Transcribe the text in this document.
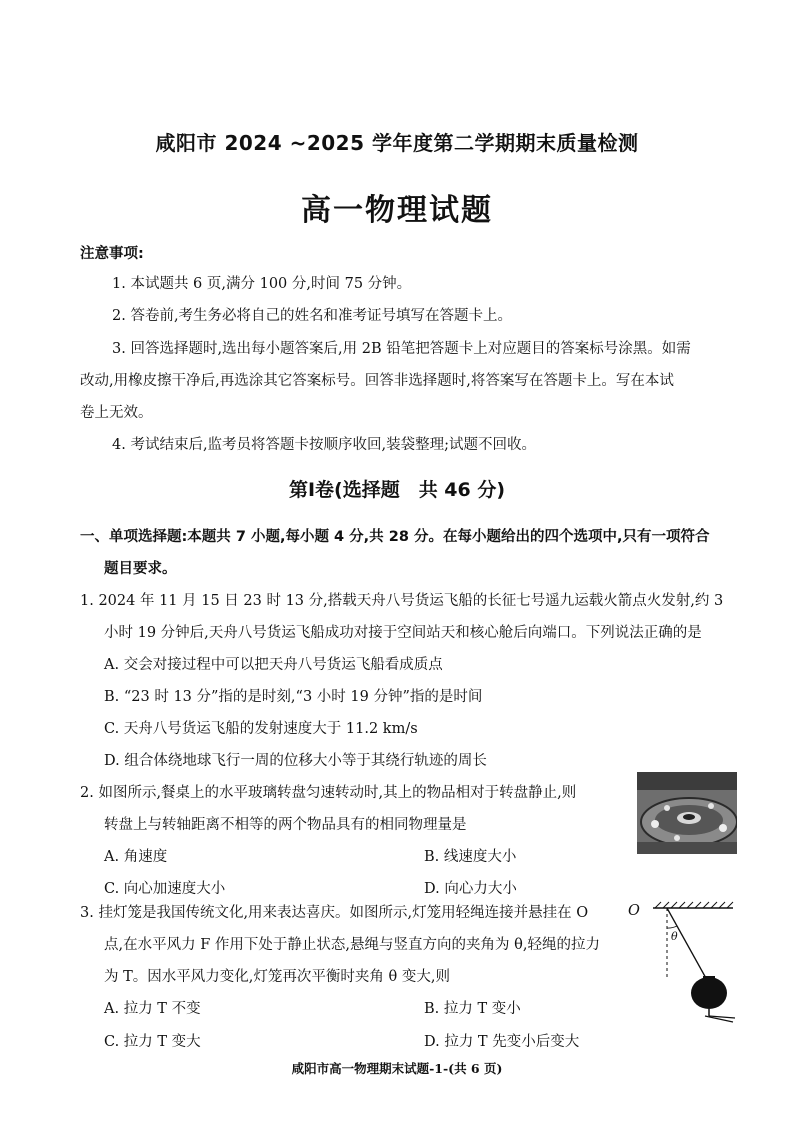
咸阳市 2024 ~2025 学年度第二学期期末质量检测
高一物理试题
注意事项:
1. 本试题共 6 页,满分 100 分,时间 75 分钟。
2. 答卷前,考生务必将自己的姓名和准考证号填写在答题卡上。
3. 回答选择题时,选出每小题答案后,用 2B 铅笔把答题卡上对应题目的答案标号涂黑。如需
改动,用橡皮擦干净后,再选涂其它答案标号。回答非选择题时,将答案写在答题卡上。写在本试
卷上无效。
4. 考试结束后,监考员将答题卡按顺序收回,装袋整理;试题不回收。
第Ⅰ卷(选择题　共 46 分)
一、单项选择题:本题共 7 小题,每小题 4 分,共 28 分。在每小题给出的四个选项中,只有一项符合
题目要求。
1. 2024 年 11 月 15 日 23 时 13 分,搭载天舟八号货运飞船的长征七号遥九运载火箭点火发射,约 3
小时 19 分钟后,天舟八号货运飞船成功对接于空间站天和核心舱后向端口。下列说法正确的是
A. 交会对接过程中可以把天舟八号货运飞船看成质点
B. “23 时 13 分”指的是时刻,“3 小时 19 分钟”指的是时间
C. 天舟八号货运飞船的发射速度大于 11.2 km/s
D. 组合体绕地球飞行一周的位移大小等于其绕行轨迹的周长
2. 如图所示,餐桌上的水平玻璃转盘匀速转动时,其上的物品相对于转盘静止,则
转盘上与转轴距离不相等的两个物品具有的相同物理量是
A. 角速度	B. 线速度大小
C. 向心加速度大小	D. 向心力大小
3. 挂灯笼是我国传统文化,用来表达喜庆。如图所示,灯笼用轻绳连接并悬挂在 O
点,在水平风力 F 作用下处于静止状态,悬绳与竖直方向的夹角为 θ,轻绳的拉力
为 T。因水平风力变化,灯笼再次平衡时夹角 θ 变大,则
A. 拉力 T 不变	B. 拉力 T 变小
C. 拉力 T 变大	D. 拉力 T 先变小后变大
θ
O
咸阳市高一物理期末试题-1-(共 6 页)
